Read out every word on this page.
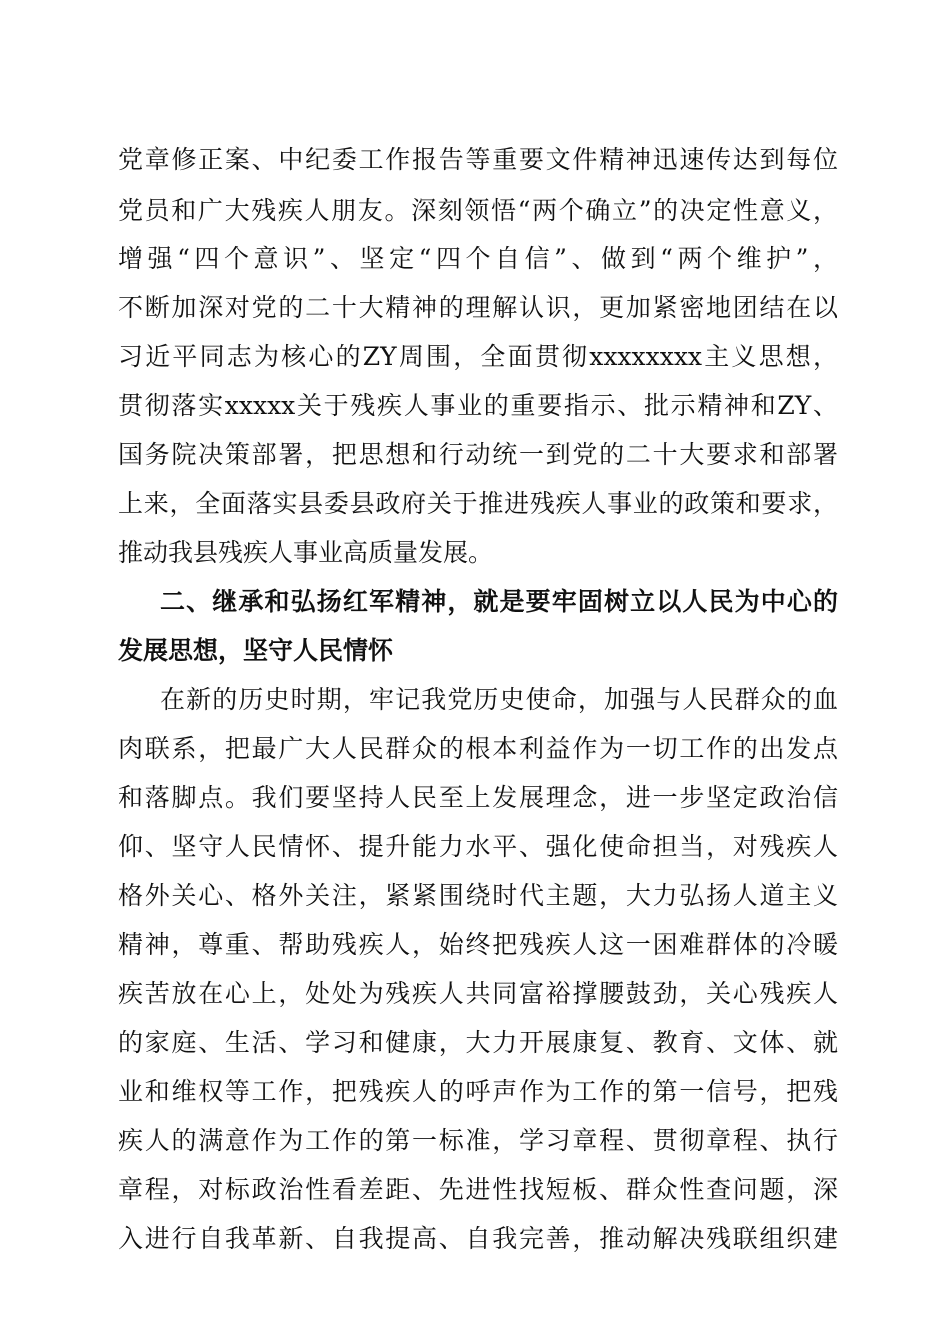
党章修正案、中纪委工作报告等重要文件精神迅速传达到每位
党员和广大残疾人朋友。深刻领悟“两个确立”的决定性意义，
增强“四个意识”、坚定“四个自信”、做到“两个维护”，
不断加深对党的二十大精神的理解认识，更加紧密地团结在以
习近平同志为核心的ZY周围，全面贯彻xxxxxxxx主义思想，
贯彻落实xxxxx关于残疾人事业的重要指示、批示精神和ZY、
国务院决策部署，把思想和行动统一到党的二十大要求和部署
上来，全面落实县委县政府关于推进残疾人事业的政策和要求，
推动我县残疾人事业高质量发展。
二、继承和弘扬红军精神，就是要牢固树立以人民为中心的
发展思想，坚守人民情怀
在新的历史时期，牢记我党历史使命，加强与人民群众的血
肉联系，把最广大人民群众的根本利益作为一切工作的出发点
和落脚点。我们要坚持人民至上发展理念，进一步坚定政治信
仰、坚守人民情怀、提升能力水平、强化使命担当，对残疾人
格外关心、格外关注，紧紧围绕时代主题，大力弘扬人道主义
精神，尊重、帮助残疾人，始终把残疾人这一困难群体的冷暖
疾苦放在心上，处处为残疾人共同富裕撑腰鼓劲，关心残疾人
的家庭、生活、学习和健康，大力开展康复、教育、文体、就
业和维权等工作，把残疾人的呼声作为工作的第一信号，把残
疾人的满意作为工作的第一标准，学习章程、贯彻章程、执行
章程，对标政治性看差距、先进性找短板、群众性查问题，深
入进行自我革新、自我提高、自我完善，推动解决残联组织建
